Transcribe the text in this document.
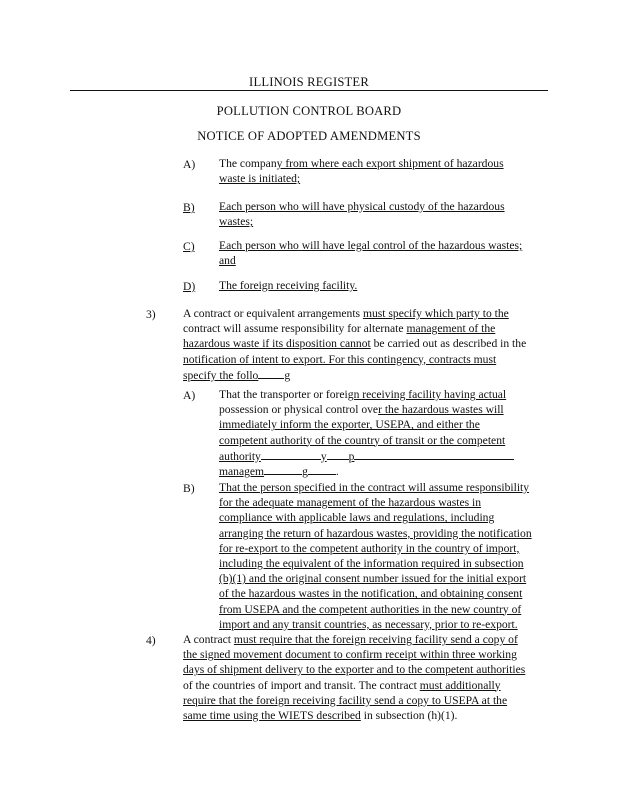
ILLINOIS REGISTER
POLLUTION CONTROL BOARD
NOTICE OF ADOPTED AMENDMENTS
A) The company from where each export shipment of hazardous
waste is initiated;
B) Each person who will have physical custody of the hazardous
wastes;
C) Each person who will have legal control of the hazardous wastes;
and
D) The foreign receiving facility.
3) A contract or equivalent arrangements must specify which party to the
contract will assume responsibility for alternate management of the
hazardous waste if its disposition cannot be carried out as described in the
notification of intent to export. For this contingency, contracts must
specify the follo g
A) That the transporter or foreign receiving facility having actual
possession or physical control over the hazardous wastes will
immediately inform the exporter, USEPA, and either the
competent authority of the country of transit or the competent
authority	y p
managem	g .
B) That the person specified in the contract will assume responsibility
for the adequate management of the hazardous wastes in
compliance with applicable laws and regulations, including
arranging the return of hazardous wastes, providing the notification
for re-export to the competent authority in the country of import,
including the equivalent of the information required in subsection
(b)(1) and the original consent number issued for the initial export
of the hazardous wastes in the notification, and obtaining consent
from USEPA and the competent authorities in the new country of
import and any transit countries, as necessary, prior to re-export.
4) A contract must require that the foreign receiving facility send a copy of
the signed movement document to confirm receipt within three working
days of shipment delivery to the exporter and to the competent authorities
of the countries of import and transit. The contract must additionally
require that the foreign receiving facility send a copy to USEPA at the
same time using the WIETS described in subsection (h)(1).
